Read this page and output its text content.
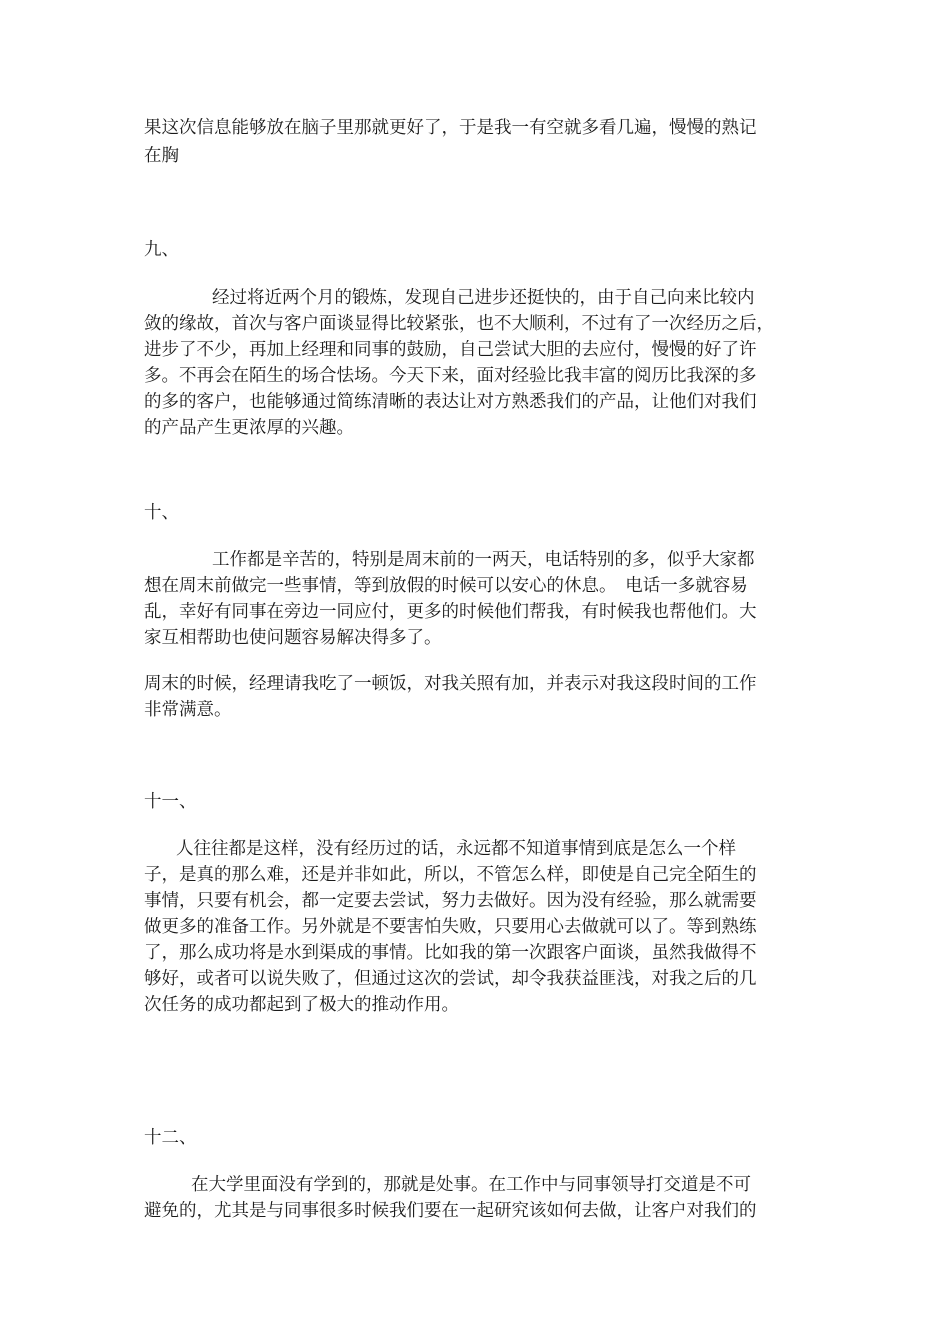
果这次信息能够放在脑子里那就更好了，于是我一有空就多看几遍，慢慢的熟记

在胸

九、

经过将近两个月的锻炼，发现自己进步还挺快的，由于自己向来比较内

敛的缘故，首次与客户面谈显得比较紧张，也不大顺利，不过有了一次经历之后，

进步了不少，再加上经理和同事的鼓励，自己尝试大胆的去应付，慢慢的好了许

多。不再会在陌生的场合怯场。今天下来，面对经验比我丰富的阅历比我深的多

的多的客户，也能够通过简练清晰的表达让对方熟悉我们的产品，让他们对我们

的产品产生更浓厚的兴趣。

十、

工作都是辛苦的，特别是周末前的一两天，电话特别的多，似乎大家都

想在周末前做完一些事情，等到放假的时候可以安心的休息。　电话一多就容易

乱，幸好有同事在旁边一同应付，更多的时候他们帮我，有时候我也帮他们。大

家互相帮助也使问题容易解决得多了。

周末的时候，经理请我吃了一顿饭，对我关照有加，并表示对我这段时间的工作

非常满意。

十一、

人往往都是这样，没有经历过的话，永远都不知道事情到底是怎么一个样

子，是真的那么难，还是并非如此，所以，不管怎么样，即使是自己完全陌生的

事情，只要有机会，都一定要去尝试，努力去做好。因为没有经验，那么就需要

做更多的准备工作。另外就是不要害怕失败，只要用心去做就可以了。等到熟练

了，那么成功将是水到渠成的事情。比如我的第一次跟客户面谈，虽然我做得不

够好，或者可以说失败了，但通过这次的尝试，却令我获益匪浅，对我之后的几

次任务的成功都起到了极大的推动作用。

十二、

在大学里面没有学到的，那就是处事。在工作中与同事领导打交道是不可

避免的，尤其是与同事很多时候我们要在一起研究该如何去做，让客户对我们的
